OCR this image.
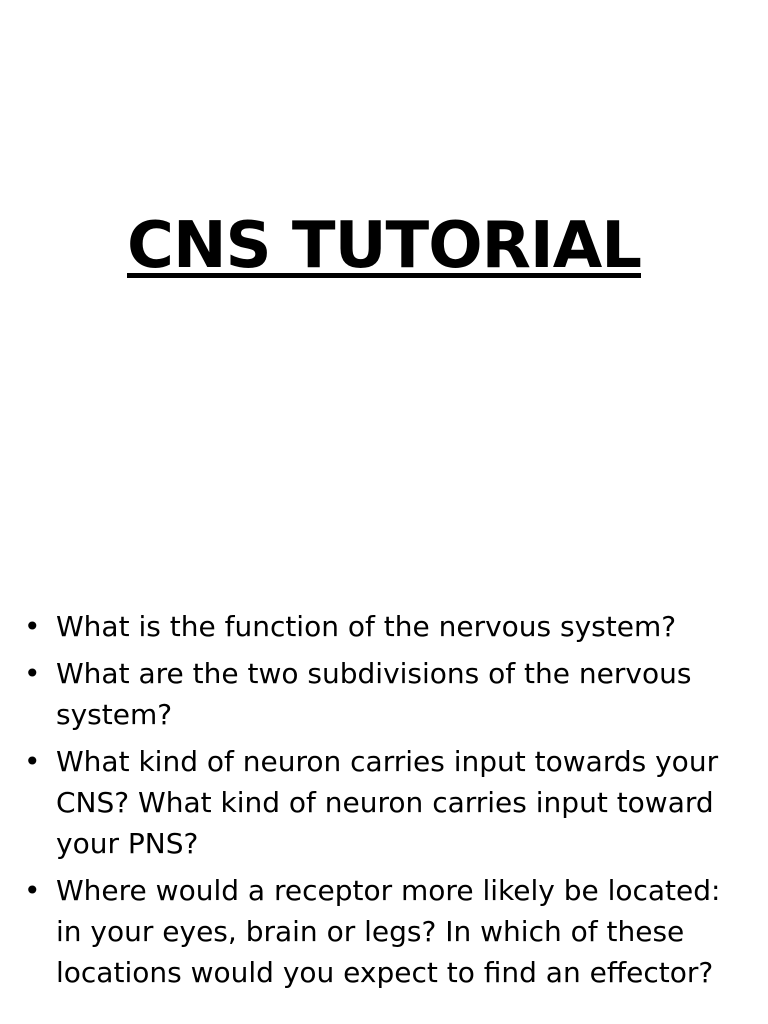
CNS TUTORIAL
• What is the function of the nervous system?
• What are the two subdivisions of the nervous system?
• What kind of neuron carries input towards your CNS? What kind of neuron carries input toward your PNS?
• Where would a receptor more likely be located: in your eyes, brain or legs? In which of these locations would you expect to find an effector?
